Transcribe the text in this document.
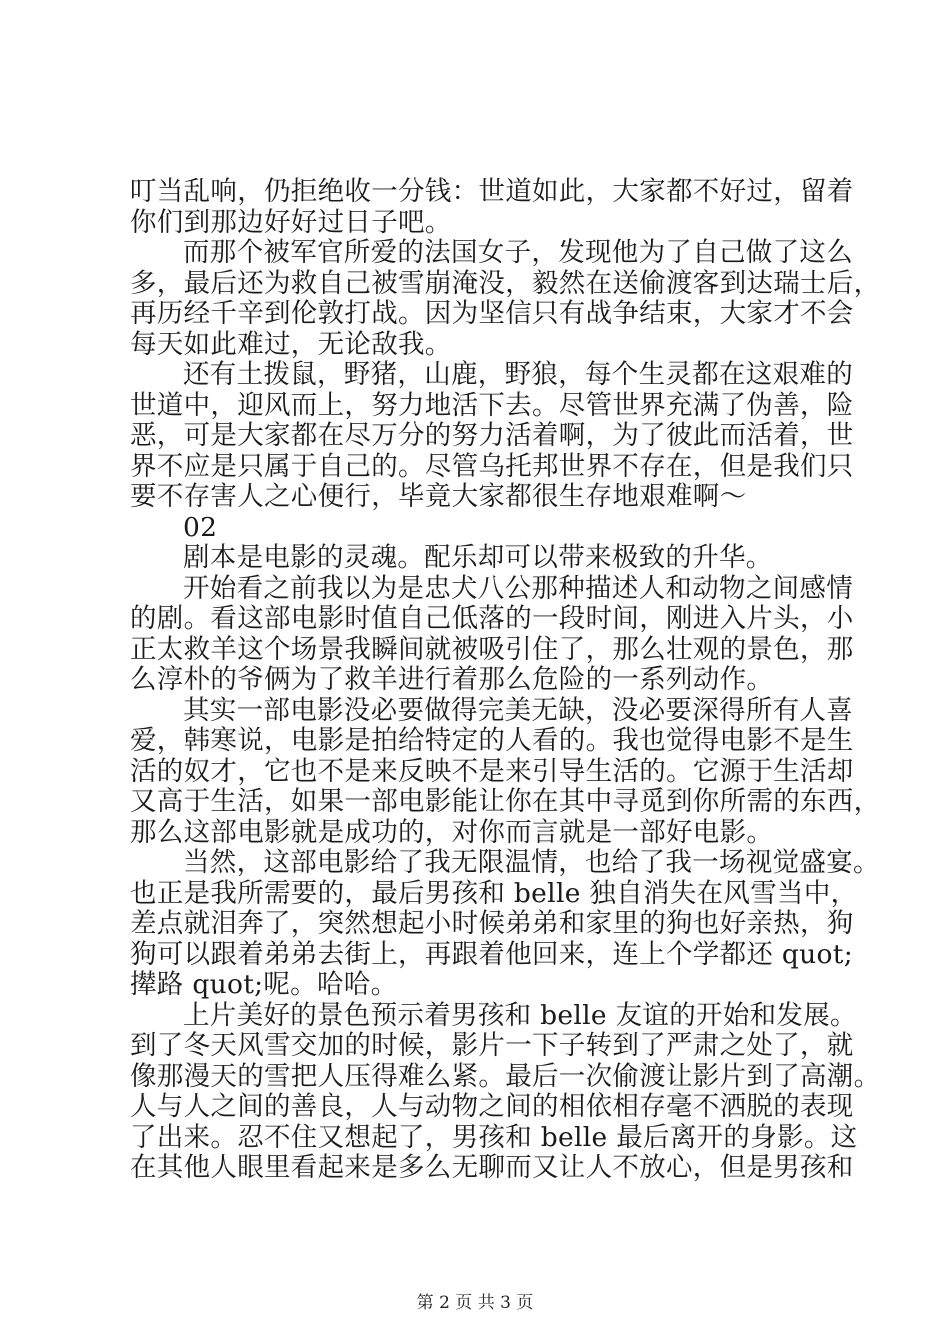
叮当乱响，仍拒绝收一分钱：世道如此，大家都不好过，留着
你们到那边好好过日子吧。
而那个被军官所爱的法国女子，发现他为了自己做了这么
多，最后还为救自己被雪崩淹没，毅然在送偷渡客到达瑞士后，
再历经千辛到伦敦打战。因为坚信只有战争结束，大家才不会
每天如此难过，无论敌我。
还有土拨鼠，野猪，山鹿，野狼，每个生灵都在这艰难的
世道中，迎风而上，努力地活下去。尽管世界充满了伪善，险
恶，可是大家都在尽万分的努力活着啊，为了彼此而活着，世
界不应是只属于自己的。尽管乌托邦世界不存在，但是我们只
要不存害人之心便行，毕竟大家都很生存地艰难啊～
02
剧本是电影的灵魂。配乐却可以带来极致的升华。
开始看之前我以为是忠犬八公那种描述人和动物之间感情
的剧。看这部电影时值自己低落的一段时间，刚进入片头，小
正太救羊这个场景我瞬间就被吸引住了，那么壮观的景色，那
么淳朴的爷俩为了救羊进行着那么危险的一系列动作。
其实一部电影没必要做得完美无缺，没必要深得所有人喜
爱，韩寒说，电影是拍给特定的人看的。我也觉得电影不是生
活的奴才，它也不是来反映不是来引导生活的。它源于生活却
又高于生活，如果一部电影能让你在其中寻觅到你所需的东西，
那么这部电影就是成功的，对你而言就是一部好电影。
当然，这部电影给了我无限温情，也给了我一场视觉盛宴。
也正是我所需要的，最后男孩和 belle 独自消失在风雪当中，
差点就泪奔了，突然想起小时候弟弟和家里的狗也好亲热，狗
狗可以跟着弟弟去街上，再跟着他回来，连上个学都还 quot;
撵路 quot;呢。哈哈。
上片美好的景色预示着男孩和 belle 友谊的开始和发展。
到了冬天风雪交加的时候，影片一下子转到了严肃之处了，就
像那漫天的雪把人压得难么紧。最后一次偷渡让影片到了高潮。
人与人之间的善良，人与动物之间的相依相存毫不洒脱的表现
了出来。忍不住又想起了，男孩和 belle 最后离开的身影。这
在其他人眼里看起来是多么无聊而又让人不放心，但是男孩和
第 2 页 共 3 页
